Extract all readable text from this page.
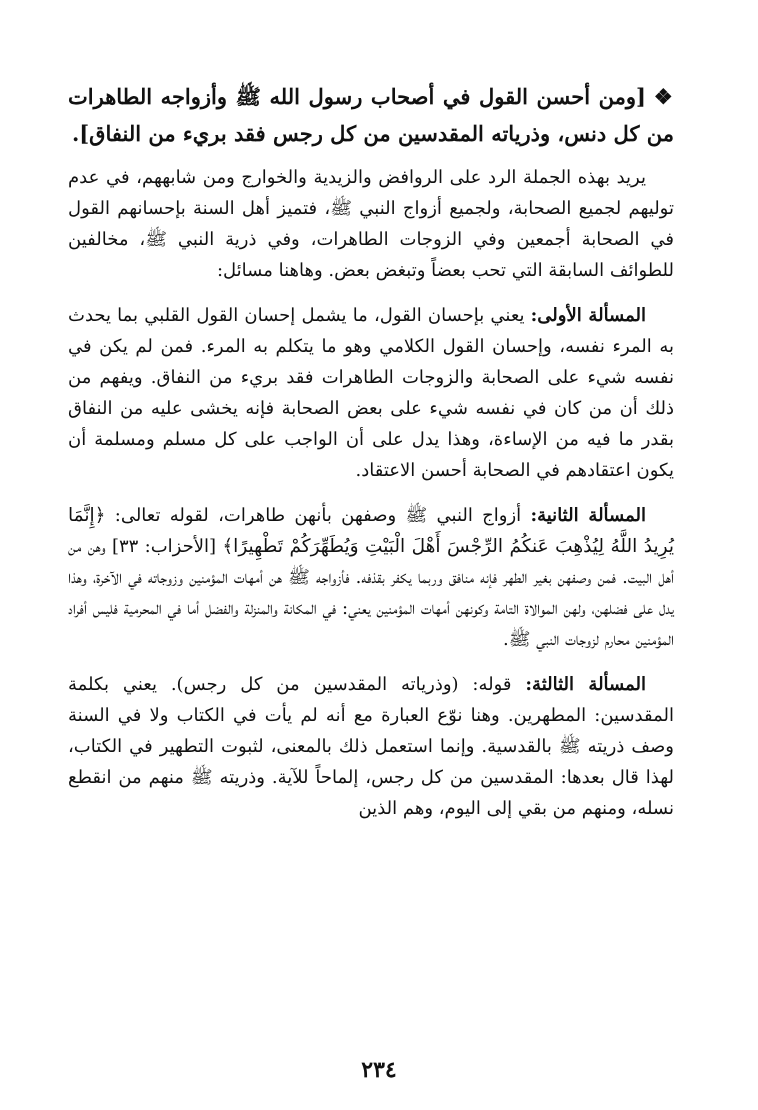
❖[ومن أحسن القول في أصحاب رسول الله ﷺ وأزواجه الطاهرات من كل دنس، وذرياته المقدسين من كل رجس فقد بريء من النفاق].

يريد بهذه الجملة الرد على الروافض والزيدية والخوارج ومن شابههم، في عدم توليهم لجميع الصحابة، ولجميع أزواج النبي ﷺ، فتميز أهل السنة بإحسانهم القول في الصحابة أجمعين وفي الزوجات الطاهرات، وفي ذرية النبي ﷺ، مخالفين للطوائف السابقة التي تحب بعضاً وتبغض بعض. وهاهنا مسائل:

المسألة الأولى: يعني بإحسان القول، ما يشمل إحسان القول القلبي بما يحدث به المرء نفسه، وإحسان القول الكلامي وهو ما يتكلم به المرء. فمن لم يكن في نفسه شيء على الصحابة والزوجات الطاهرات فقد بريء من النفاق. ويفهم من ذلك أن من كان في نفسه شيء على بعض الصحابة فإنه يخشى عليه من النفاق بقدر ما فيه من الإساءة، وهذا يدل على أن الواجب على كل مسلم ومسلمة أن يكون اعتقادهم في الصحابة أحسن الاعتقاد.

المسألة الثانية: أزواج النبي ﷺ وصفهن بأنهن طاهرات، لقوله تعالى: ﴿إِنَّمَا يُرِيدُ اللَّهُ لِيُذْهِبَ عَنكُمُ الرِّجْسَ أَهْلَ الْبَيْتِ وَيُطَهِّرَكُمْ تَطْهِيرًا﴾ [الأحزاب: ٣٣] وهن من أهل البيت. فمن وصفهن بغير الطهر فإنه منافق وربما يكفر بقذفه. فأزواجه ﷺ هن أمهات المؤمنين وزوجاته في الآخرة، وهذا يدل على فضلهن، ولهن الموالاة التامة وكونهن أمهات المؤمنين يعني: في المكانة والمنزلة والفضل أما في المحرمية فليس أفراد المؤمنين محارم لزوجات النبي ﷺ.

المسألة الثالثة: قوله: (وذرياته المقدسين من كل رجس). يعني بكلمة المقدسين: المطهرين. وهنا نوّع العبارة مع أنه لم يأت في الكتاب ولا في السنة وصف ذريته ﷺ بالقدسية. وإنما استعمل ذلك بالمعنى، لثبوت التطهير في الكتاب، لهذا قال بعدها: المقدسين من كل رجس، إلماحاً للآية. وذريته ﷺ منهم من انقطع نسله، ومنهم من بقي إلى اليوم، وهم الذين

٢٣٤
